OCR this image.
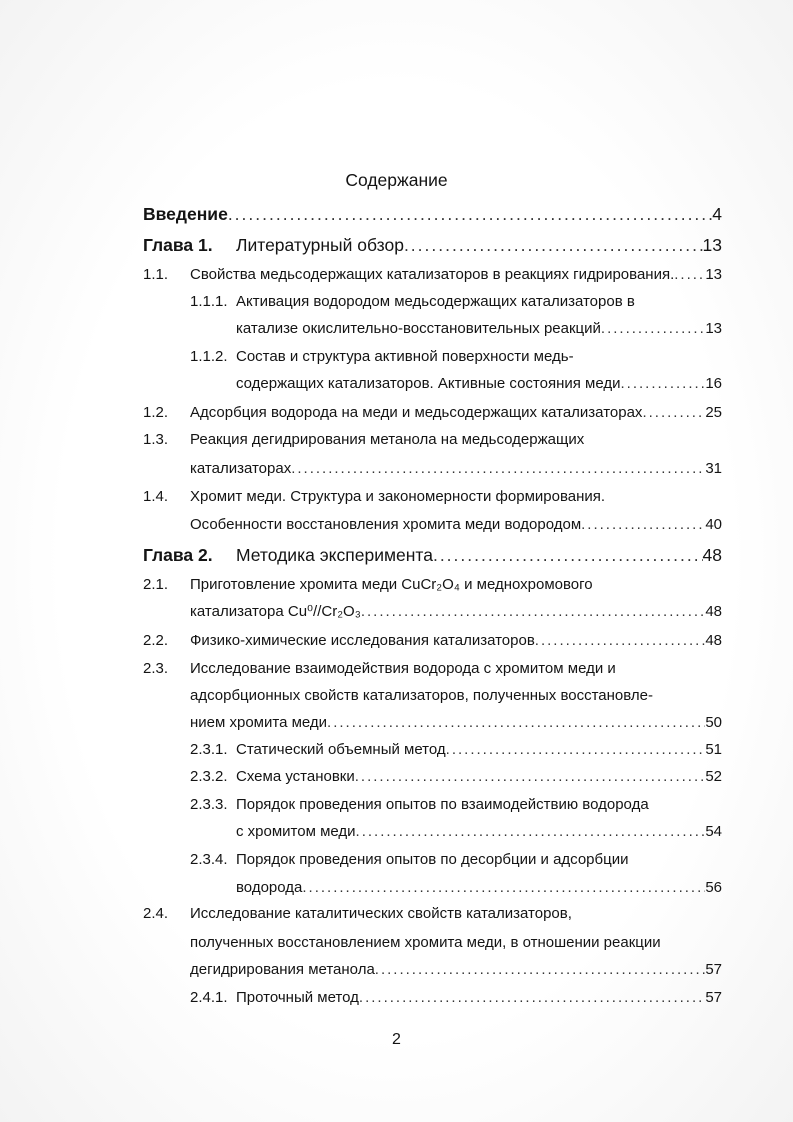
Содержание
Введение .....	4
Глава 1. Литературный обзор .....	13
1.1. Свойства медьсодержащих катализаторов в реакциях гидрирования. ..... 13
1.1.1. Активация водородом медьсодержащих катализаторов в
катализе окислительно-восстановительных реакций .....	13
1.1.2. Состав и структура активной поверхности медь-
содержащих катализаторов. Активные состояния меди .....	16
1.2. Адсорбция водорода на меди и медьсодержащих катализаторах .....	25
1.3. Реакция дегидрирования метанола на медьсодержащих
катализаторах .....	31
1.4. Хромит меди. Структура и закономерности формирования.
Особенности восстановления хромита меди водородом .....	40
Глава 2. Методика эксперимента .....	48
2.1. Приготовление хромита меди CuCr₂O₄ и меднохромового
катализатора Cu⁰//Cr₂O₃ .....	48
2.2. Физико-химические исследования катализаторов .....	48
2.3. Исследование взаимодействия водорода с хромитом меди и
адсорбционных свойств катализаторов, полученных восстановле-
нием хромита меди .....	50
2.3.1. Статический объемный метод .....	51
2.3.2. Схема установки .....	52
2.3.3. Порядок проведения опытов по взаимодействию водорода
с хромитом меди .....	54
2.3.4. Порядок проведения опытов по десорбции и адсорбции
водорода .....	56
2.4. Исследование каталитических свойств катализаторов,
полученных восстановлением хромита меди, в отношении реакции
дегидрирования метанола .....	57
2.4.1. Проточный метод .....	57
2
